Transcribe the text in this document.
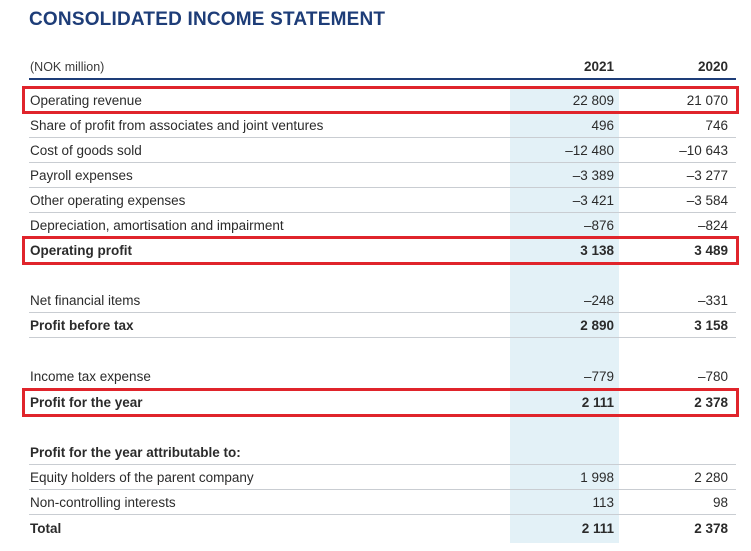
CONSOLIDATED INCOME STATEMENT
(NOK million)	2021	2020
Operating revenue	22 809	21 070
Share of profit from associates and joint ventures	496	746
Cost of goods sold	–12 480	–10 643
Payroll expenses	–3 389	–3 277
Other operating expenses	–3 421	–3 584
Depreciation, amortisation and impairment	–876	–824
Operating profit	3 138	3 489
Net financial items	–248	–331
Profit before tax	2 890	3 158
Income tax expense	–779	–780
Profit for the year	2 111	2 378
Profit for the year attributable to:
Equity holders of the parent company	1 998	2 280
Non-controlling interests	113	98
Total	2 111	2 378
